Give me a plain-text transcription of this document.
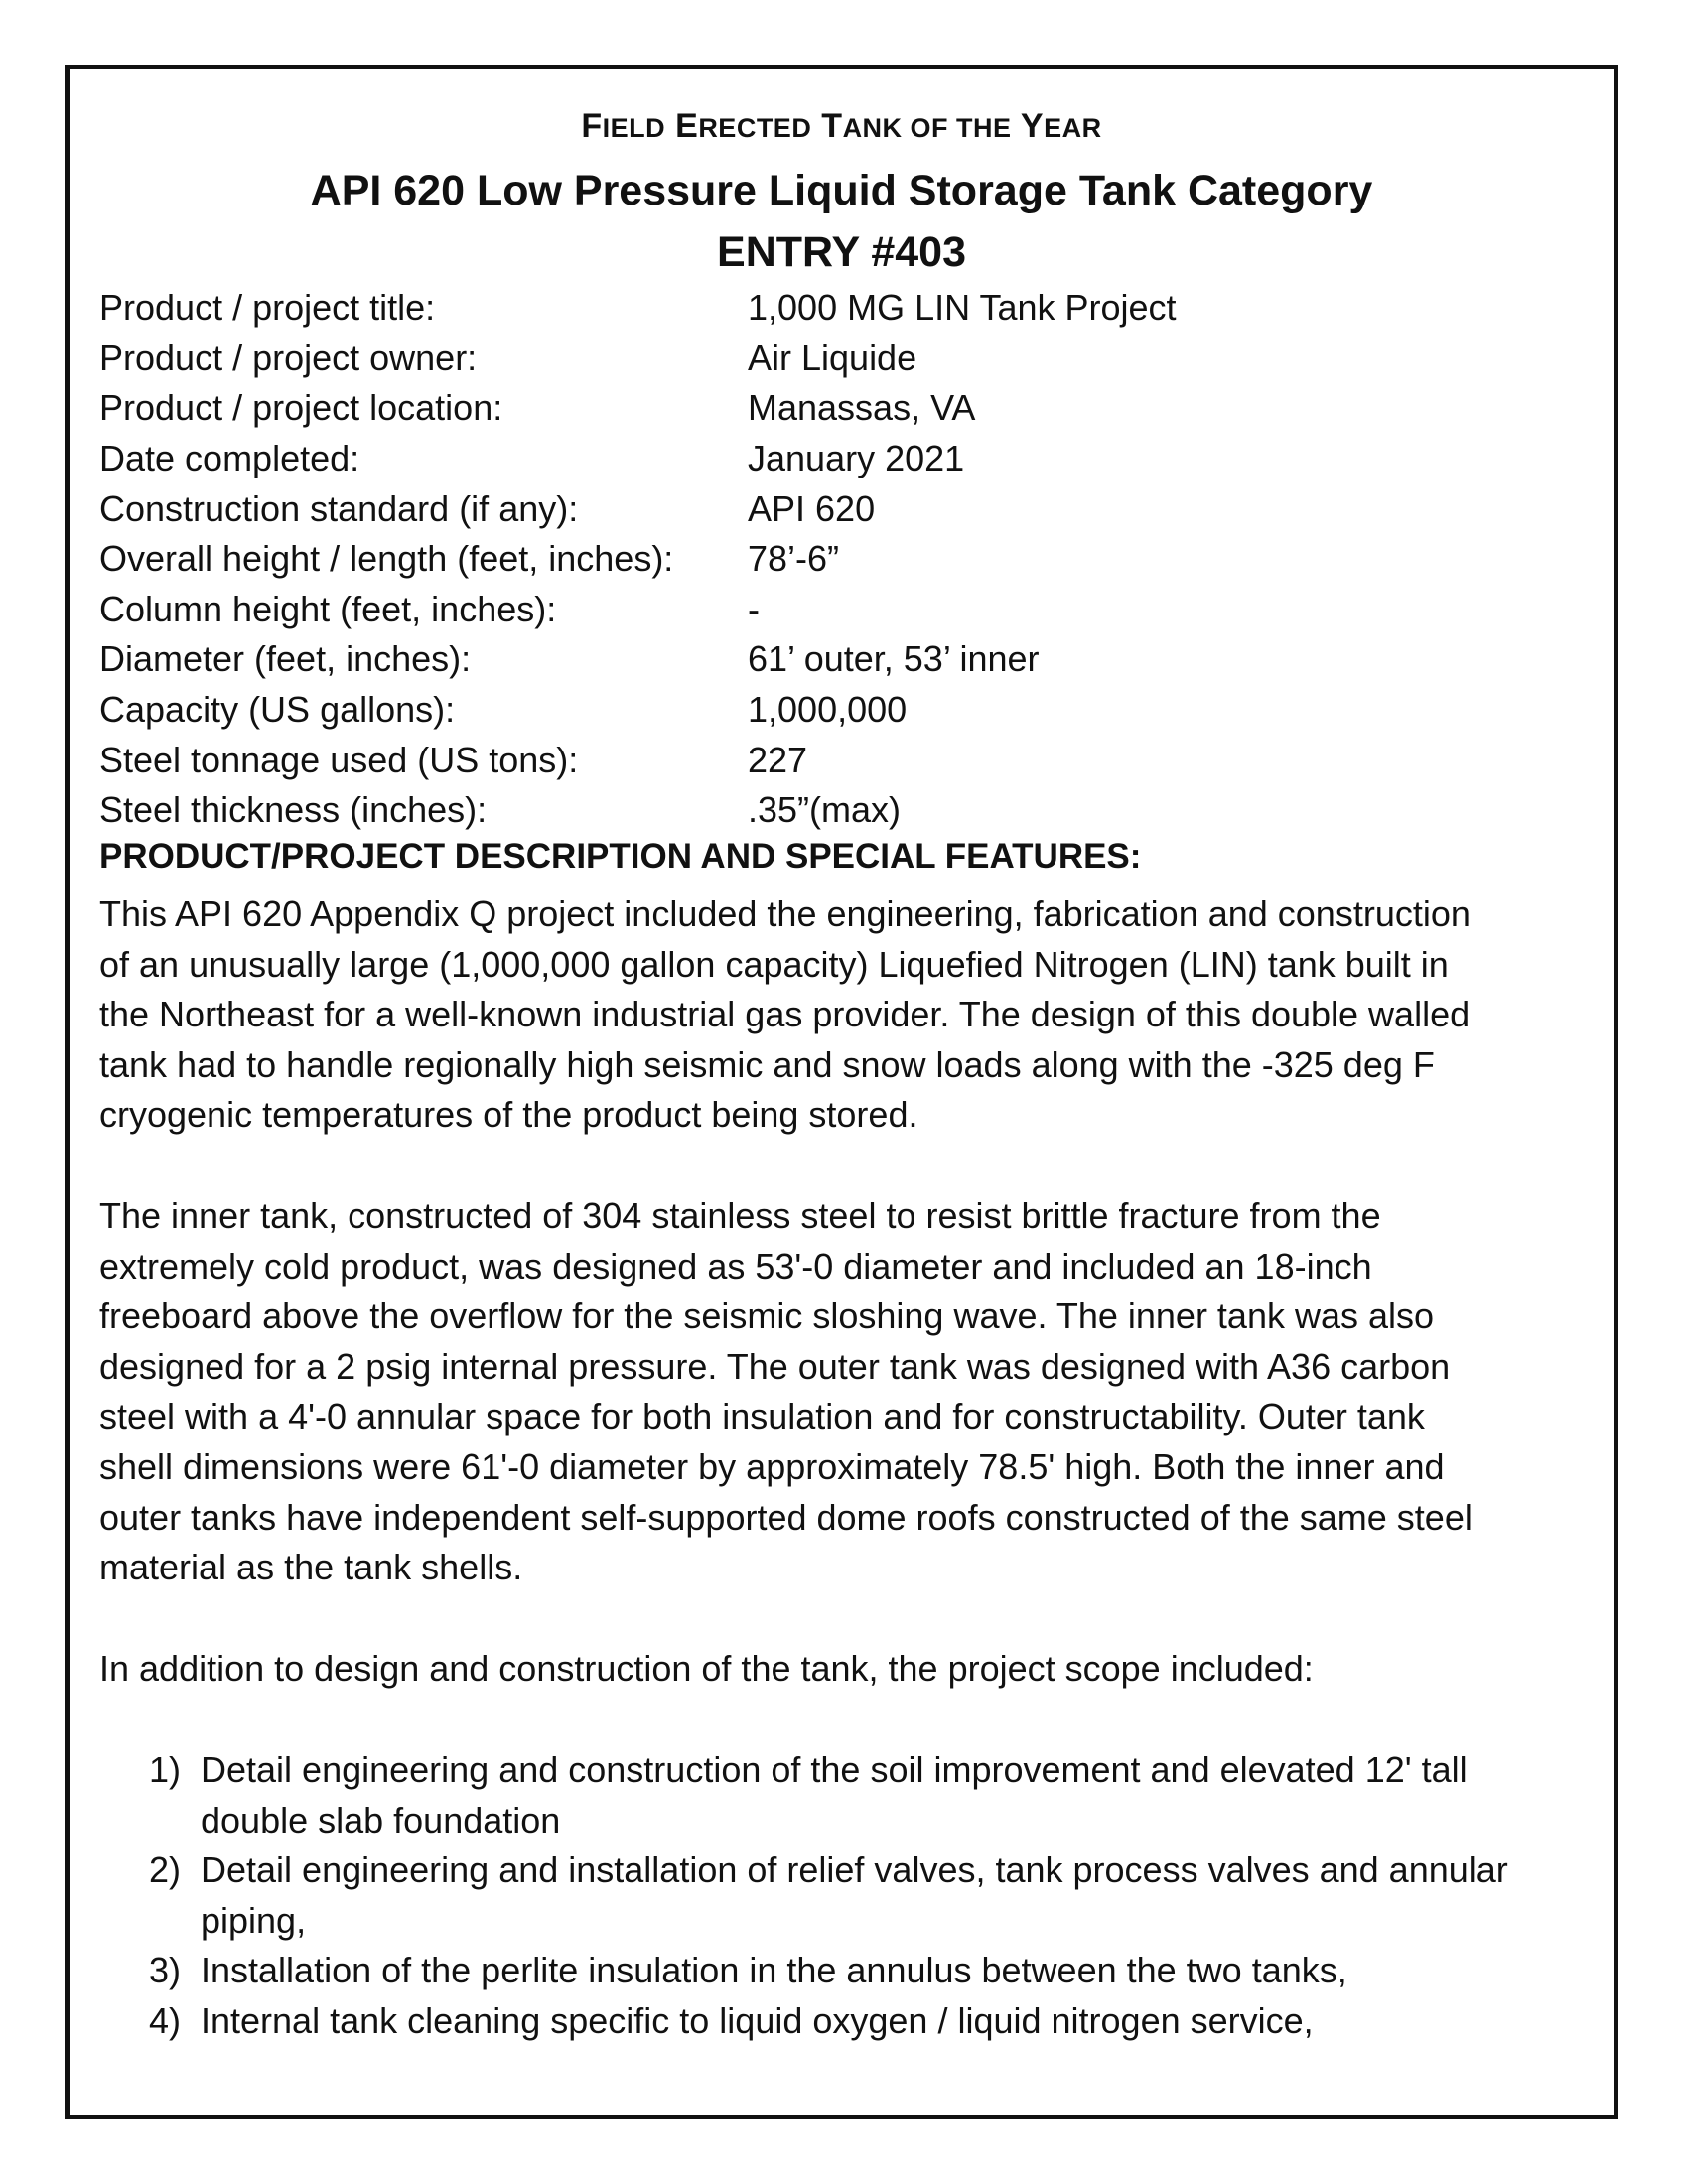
FIELD ERECTED TANK OF THE YEAR
API 620 Low Pressure Liquid Storage Tank Category
ENTRY #403
Product / project title:	1,000 MG LIN Tank Project
Product / project owner:	Air Liquide
Product / project location:	Manassas, VA
Date completed:	January 2021
Construction standard (if any):	API 620
Overall height / length (feet, inches):	78’-6”
Column height (feet, inches):	-
Diameter (feet, inches):	61’ outer, 53’ inner
Capacity (US gallons):	1,000,000
Steel tonnage used (US tons):	227
Steel thickness (inches):	.35”(max)
PRODUCT/PROJECT DESCRIPTION AND SPECIAL FEATURES:

This API 620 Appendix Q project included the engineering, fabrication and construction
of an unusually large (1,000,000 gallon capacity) Liquefied Nitrogen (LIN) tank built in
the Northeast for a well-known industrial gas provider. The design of this double walled
tank had to handle regionally high seismic and snow loads along with the -325 deg F
cryogenic temperatures of the product being stored.

The inner tank, constructed of 304 stainless steel to resist brittle fracture from the
extremely cold product, was designed as 53'-0 diameter and included an 18-inch
freeboard above the overflow for the seismic sloshing wave. The inner tank was also
designed for a 2 psig internal pressure. The outer tank was designed with A36 carbon
steel with a 4'-0 annular space for both insulation and for constructability. Outer tank
shell dimensions were 61'-0 diameter by approximately 78.5' high. Both the inner and
outer tanks have independent self-supported dome roofs constructed of the same steel
material as the tank shells.

In addition to design and construction of the tank, the project scope included:

1) Detail engineering and construction of the soil improvement and elevated 12' tall
double slab foundation
2) Detail engineering and installation of relief valves, tank process valves and annular
piping,
3) Installation of the perlite insulation in the annulus between the two tanks,
4) Internal tank cleaning specific to liquid oxygen / liquid nitrogen service,
